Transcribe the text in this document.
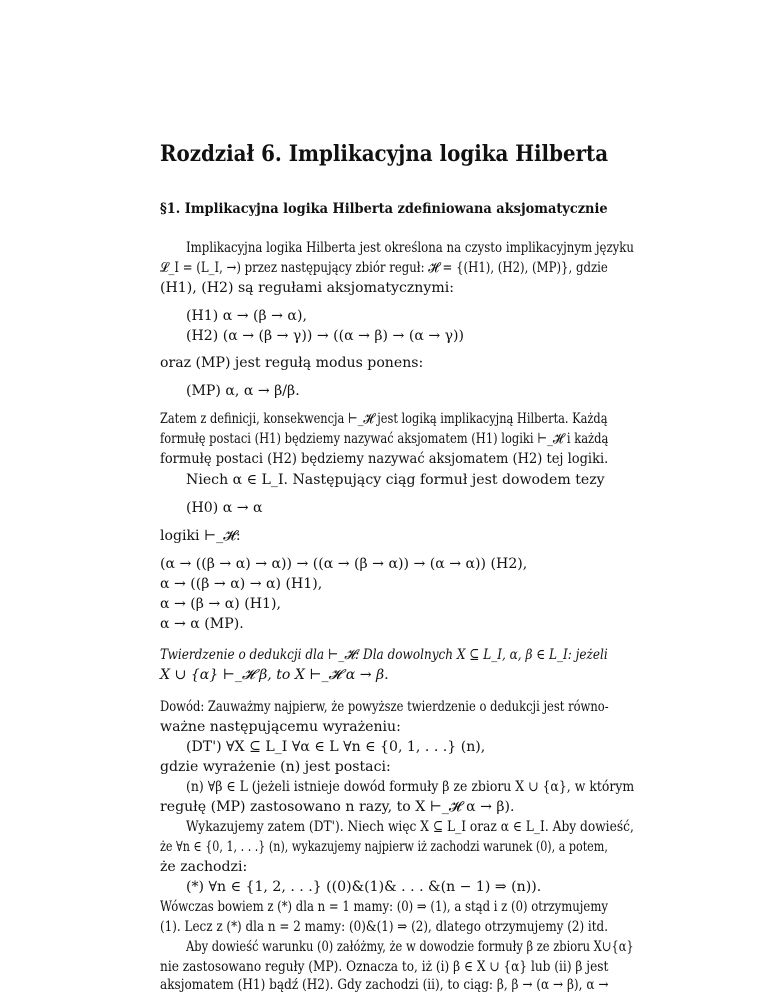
Rozdział 6. Implikacyjna logika Hilberta
§1. Implikacyjna logika Hilberta zdefiniowana aksjomatycznie
Implikacyjna logika Hilberta jest określona na czysto implikacyjnym języku
𝓛_I = (L_I, →) przez następujący zbiór reguł: 𝓗 = {(H1), (H2), (MP)}, gdzie
(H1), (H2) są regułami aksjomatycznymi:
(H1) α → (β → α),
(H2) (α → (β → γ)) → ((α → β) → (α → γ))
oraz (MP) jest regułą modus ponens:
(MP) α, α → β/β.
Zatem z definicji, konsekwencja ⊢_𝓗 jest logiką implikacyjną Hilberta. Każdą
formułę postaci (H1) będziemy nazywać aksjomatem (H1) logiki ⊢_𝓗 i każdą
formułę postaci (H2) będziemy nazywać aksjomatem (H2) tej logiki.
Niech α ∈ L_I. Następujący ciąg formuł jest dowodem tezy
(H0) α → α
logiki ⊢_𝓗:
(α → ((β → α) → α)) → ((α → (β → α)) → (α → α)) (H2),
α → ((β → α) → α) (H1),
α → (β → α) (H1),
α → α (MP).
Twierdzenie o dedukcji dla ⊢_𝓗: Dla dowolnych X ⊆ L_I, α, β ∈ L_I: jeżeli
X ∪ {α} ⊢_𝓗 β, to X ⊢_𝓗 α → β.
Dowód: Zauważmy najpierw, że powyższe twierdzenie o dedukcji jest równo-
ważne następującemu wyrażeniu:
(DT') ∀X ⊆ L_I ∀α ∈ L ∀n ∈ {0, 1, . . .} (n),
gdzie wyrażenie (n) jest postaci:
(n) ∀β ∈ L (jeżeli istnieje dowód formuły β ze zbioru X ∪ {α}, w którym
regułę (MP) zastosowano n razy, to X ⊢_𝓗 α → β).
Wykazujemy zatem (DT'). Niech więc X ⊆ L_I oraz α ∈ L_I. Aby dowieść,
że ∀n ∈ {0, 1, . . .} (n), wykazujemy najpierw iż zachodzi warunek (0), a potem,
że zachodzi:
(*) ∀n ∈ {1, 2, . . .} ((0)&(1)& . . . &(n − 1) ⇒ (n)).
Wówczas bowiem z (*) dla n = 1 mamy: (0) ⇒ (1), a stąd i z (0) otrzymujemy
(1). Lecz z (*) dla n = 2 mamy: (0)&(1) ⇒ (2), dlatego otrzymujemy (2) itd.
Aby dowieść warunku (0) załóżmy, że w dowodzie formuły β ze zbioru X∪{α}
nie zastosowano reguły (MP). Oznacza to, iż (i) β ∈ X ∪ {α} lub (ii) β jest
aksjomatem (H1) bądź (H2). Gdy zachodzi (ii), to ciąg: β, β → (α → β), α →
